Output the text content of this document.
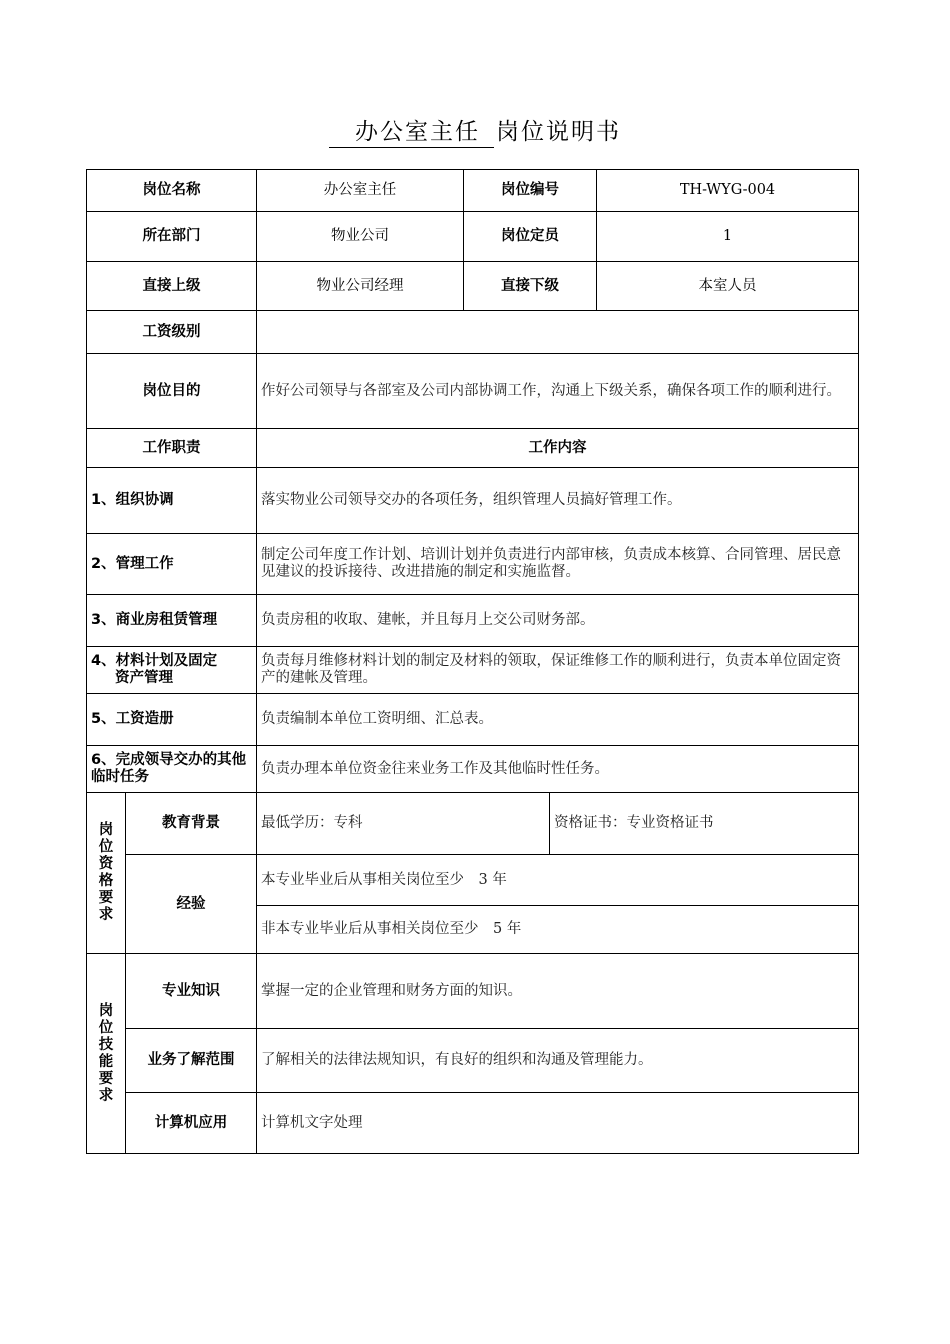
办公室主任 岗位说明书
岗位名称		办公室主任	岗位编号		TH-WYG-004
所在部门		物业公司	岗位定员		1
直接上级		物业公司经理	直接下级		本室人员
工资级别					
岗位目的		作好公司领导与各部室及公司内部协调工作，沟通上下级关系，确保各项工作的顺利进行。			
工作职责		工作内容			
1、组织协调		落实物业公司领导交办的各项任务，组织管理人员搞好管理工作。			
2、管理工作		制定公司年度工作计划、培训计划并负责进行内部审核，负责成本核算、合同管理、居民意见建议的投诉接待、改进措施的制定和实施监督。			
3、商业房租赁管理		负责房租的收取、建帐，并且每月上交公司财务部。			
4、材料计划及固定
资产管理		负责每月维修材料计划的制定及材料的领取，保证维修工作的顺利进行，负责本单位固定资产的建帐及管理。			
5、工资造册		负责编制本单位工资明细、汇总表。			
6、完成领导交办的其他临时任务		负责办理本单位资金往来业务工作及其他临时性任务。			

岗位资格要求	教育背景	最低学历：专科		资格证书：专业资格证书	
	经验	本专业毕业后从事相关岗位至少　3 年			
		非本专业毕业后从事相关岗位至少　5 年			

岗位技能要求	专业知识	掌握一定的企业管理和财务方面的知识。			
	业务了解范围	了解相关的法律法规知识，有良好的组织和沟通及管理能力。			
	计算机应用	计算机文字处理			
